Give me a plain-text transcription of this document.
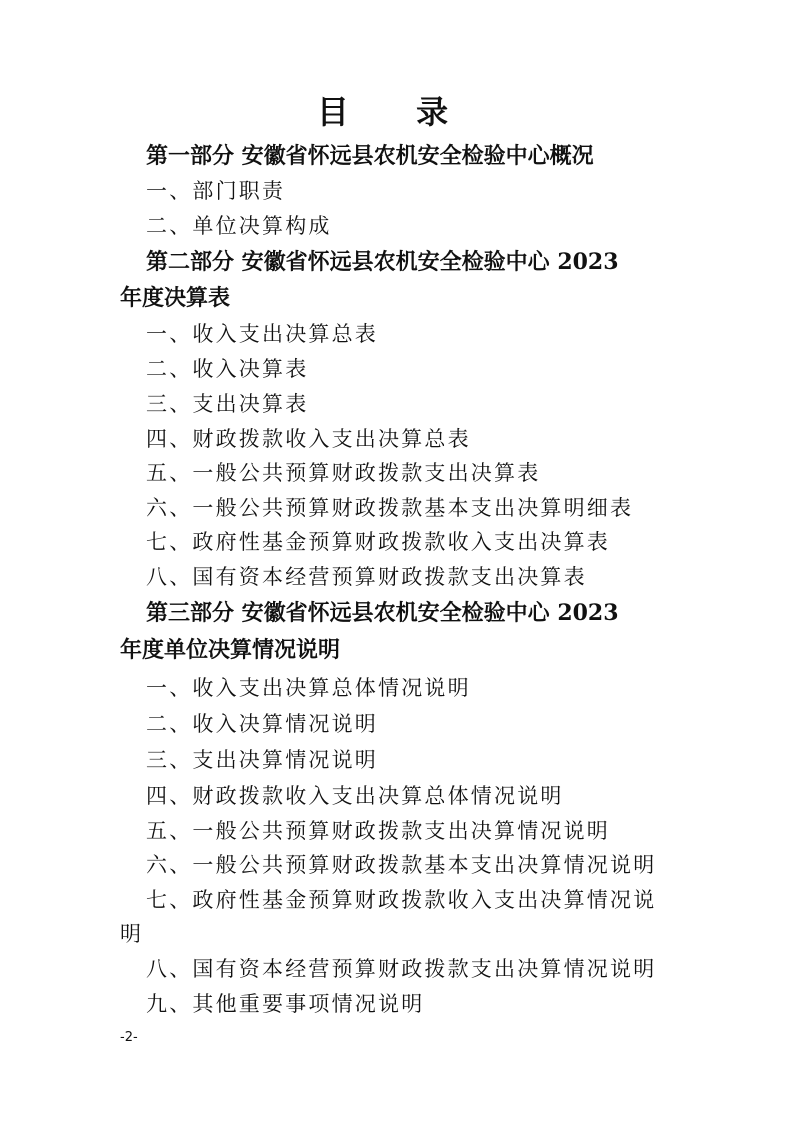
目 录
第一部分 安徽省怀远县农机安全检验中心概况
一、部门职责
二、单位决算构成
第二部分 安徽省怀远县农机安全检验中心 2023
年度决算表
一、收入支出决算总表
二、收入决算表
三、支出决算表
四、财政拨款收入支出决算总表
五、一般公共预算财政拨款支出决算表
六、一般公共预算财政拨款基本支出决算明细表
七、政府性基金预算财政拨款收入支出决算表
八、国有资本经营预算财政拨款支出决算表
第三部分 安徽省怀远县农机安全检验中心 2023
年度单位决算情况说明
一、收入支出决算总体情况说明
二、收入决算情况说明
三、支出决算情况说明
四、财政拨款收入支出决算总体情况说明
五、一般公共预算财政拨款支出决算情况说明
六、一般公共预算财政拨款基本支出决算情况说明
七、政府性基金预算财政拨款收入支出决算情况说
明
八、国有资本经营预算财政拨款支出决算情况说明
九、其他重要事项情况说明
-2-
